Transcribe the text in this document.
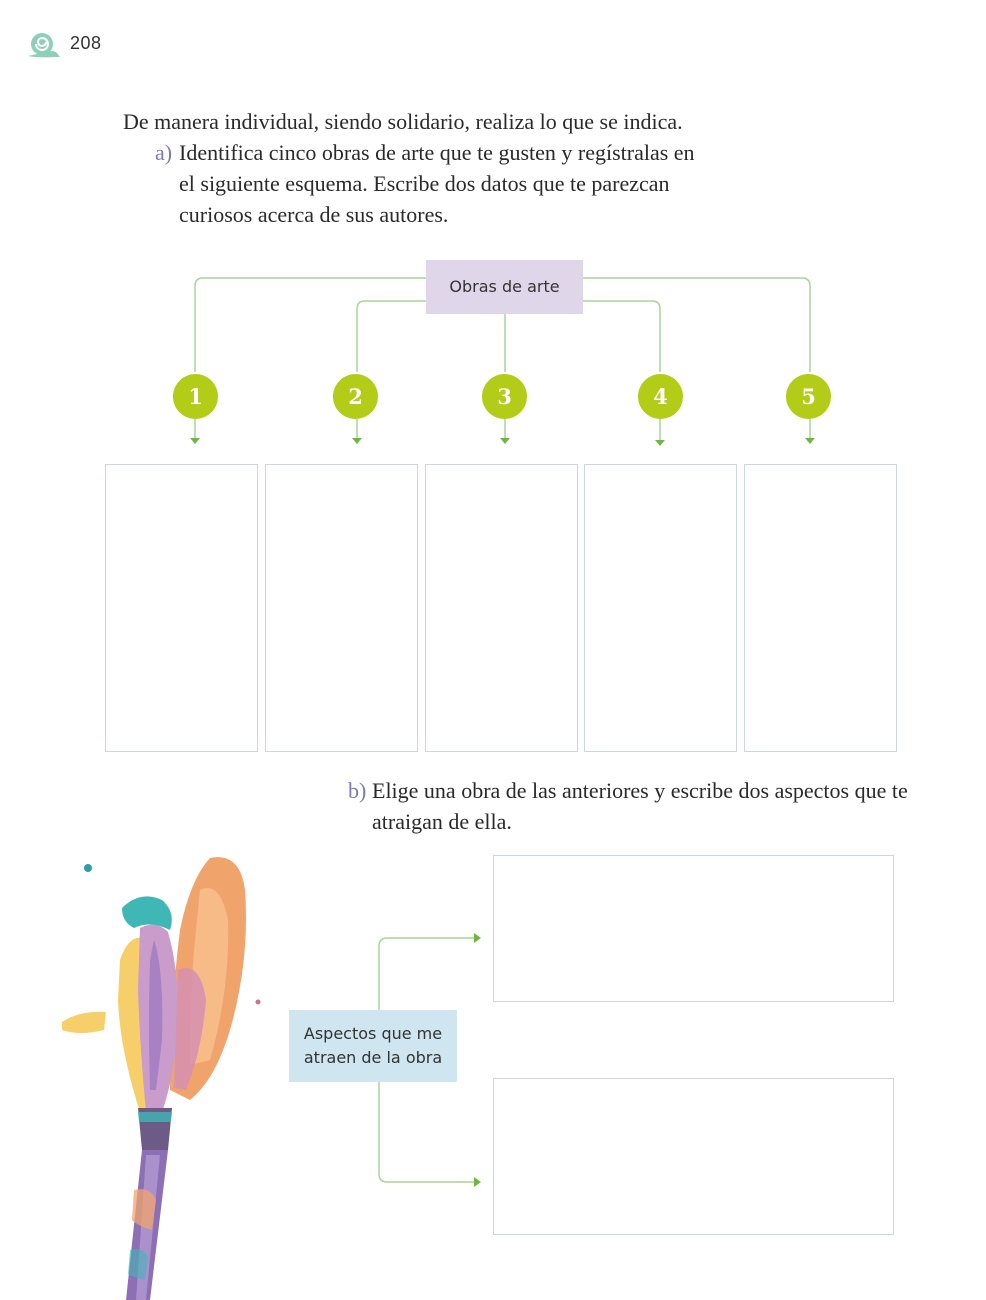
208
De manera individual, siendo solidario, realiza lo que se indica.
a) Identifica cinco obras de arte que te gusten y regístralas en el siguiente esquema. Escribe dos datos que te parezcan curiosos acerca de sus autores.
Obras de arte
1	2	3	4	5
b) Elige una obra de las anteriores y escribe dos aspectos que te atraigan de ella.
Aspectos que me atraen de la obra
